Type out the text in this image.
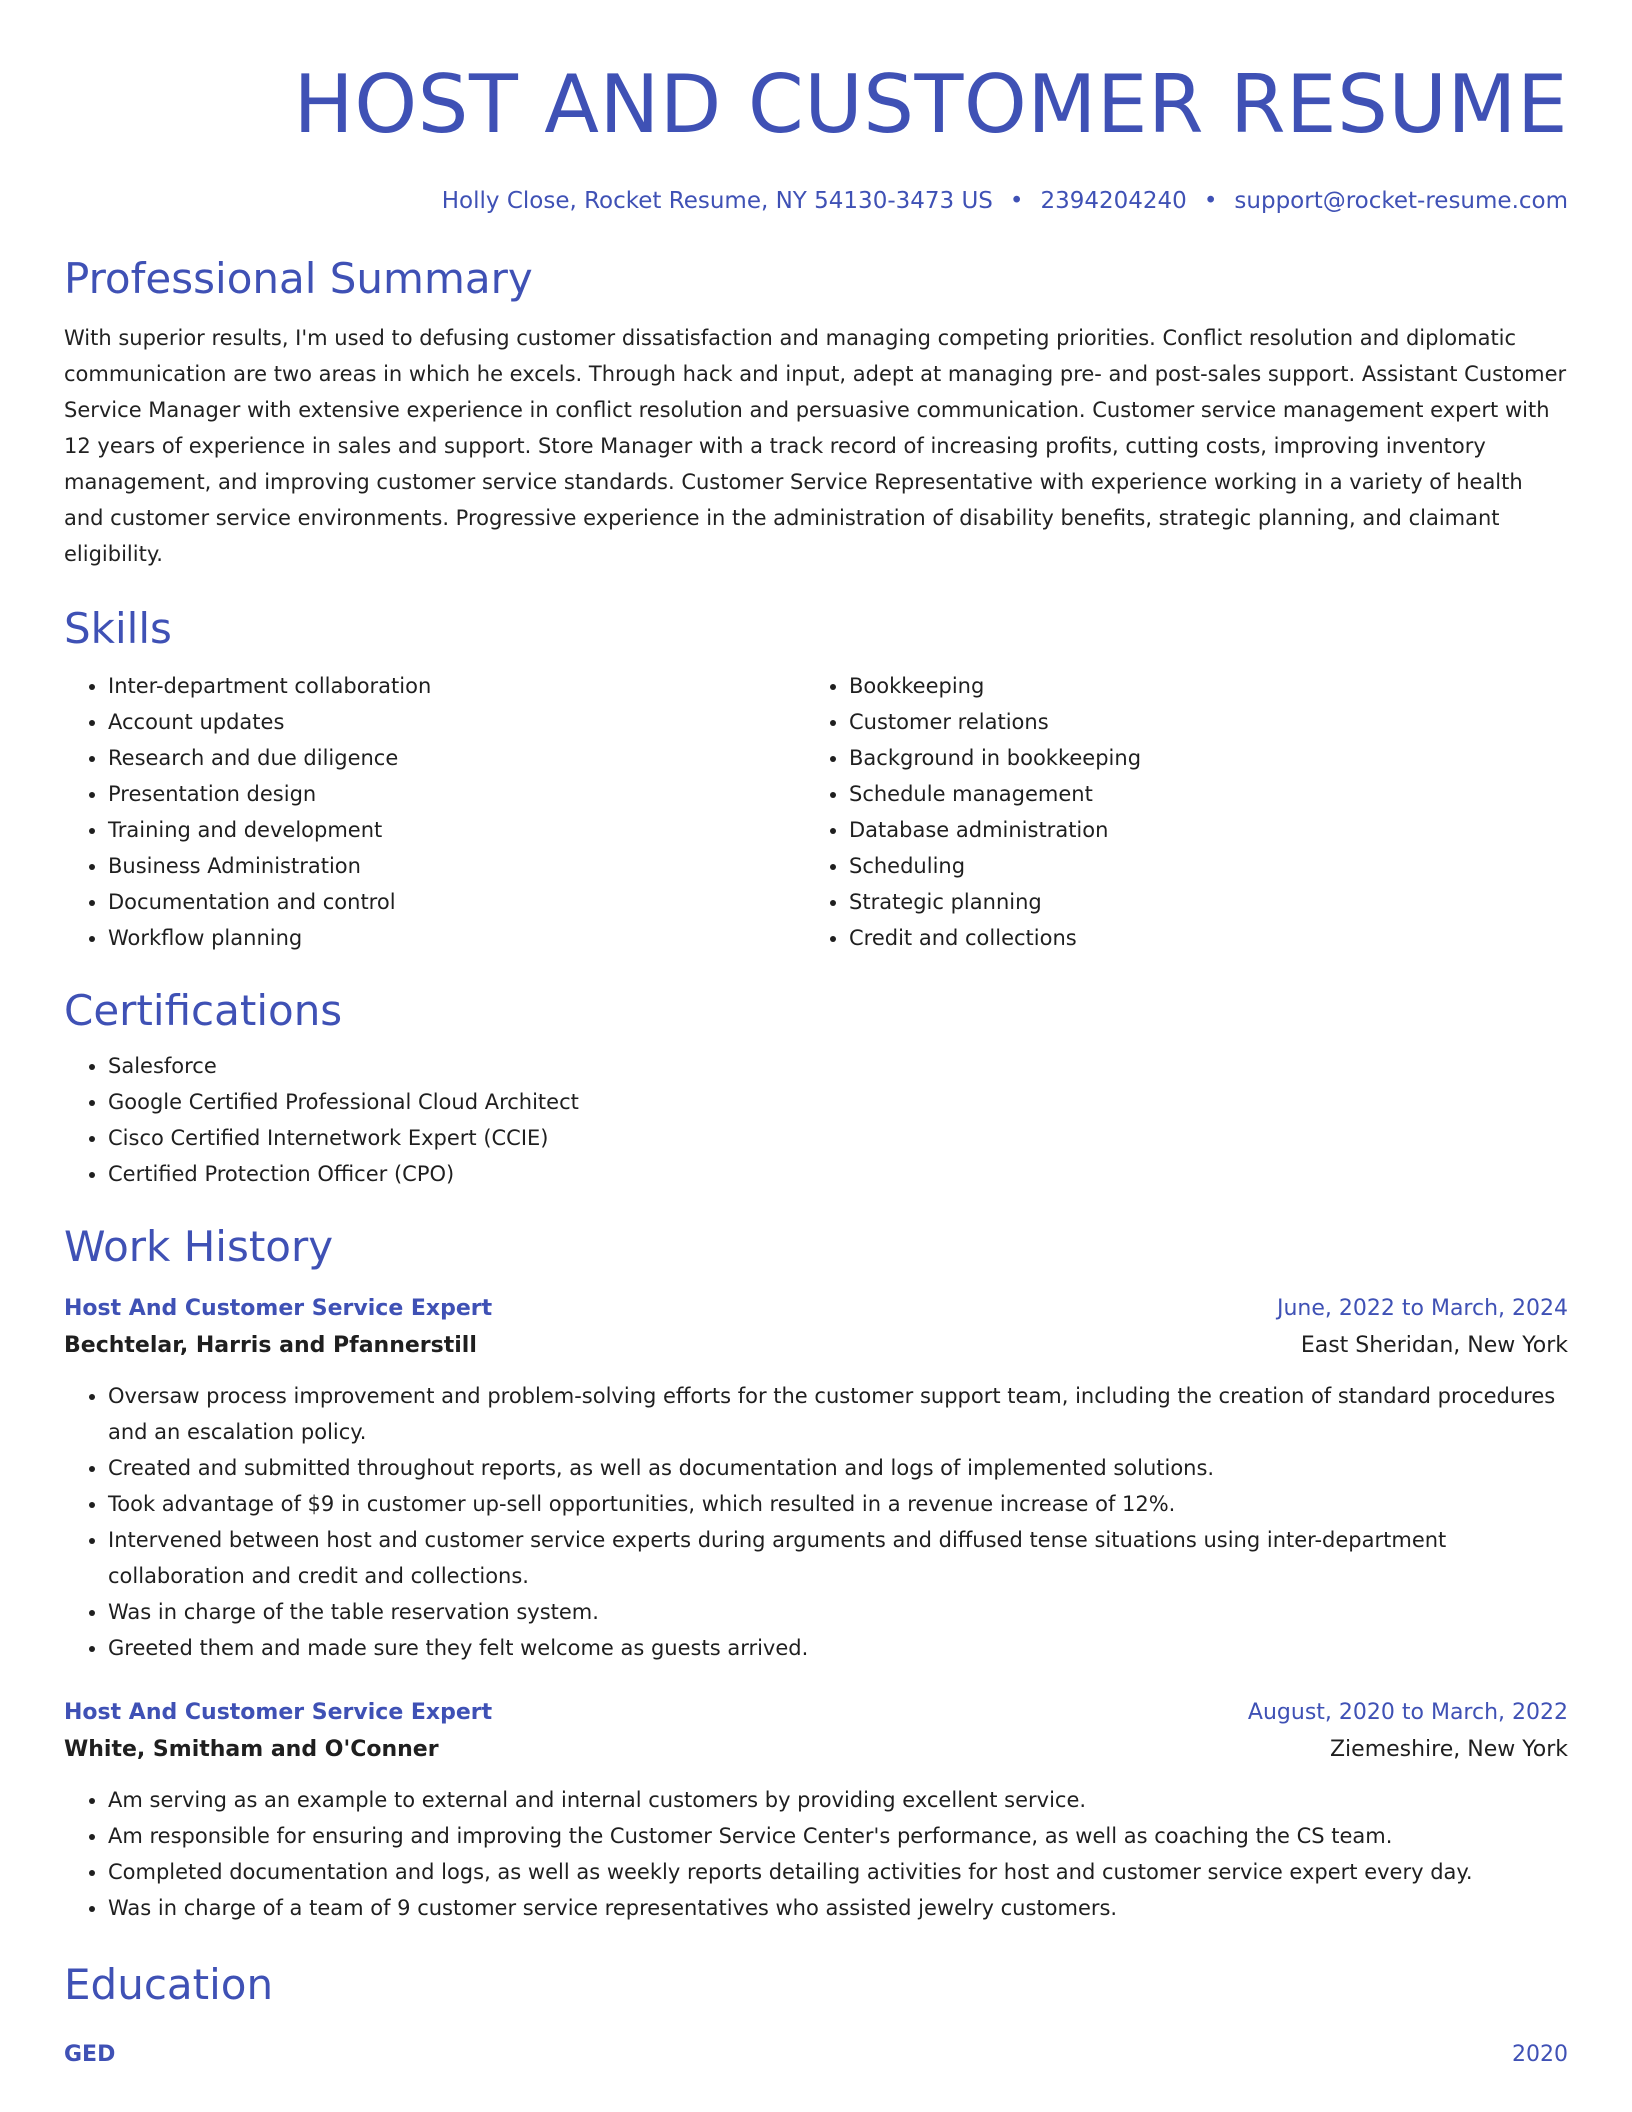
HOST AND CUSTOMER RESUME
Holly Close, Rocket Resume, NY 54130-3473 US • 2394204240 • support@rocket-resume.com
Professional Summary
With superior results, I'm used to defusing customer dissatisfaction and managing competing priorities. Conflict resolution and diplomatic communication are two areas in which he excels. Through hack and input, adept at managing pre- and post-sales support. Assistant Customer Service Manager with extensive experience in conflict resolution and persuasive communication. Customer service management expert with 12 years of experience in sales and support. Store Manager with a track record of increasing profits, cutting costs, improving inventory management, and improving customer service standards. Customer Service Representative with experience working in a variety of health and customer service environments. Progressive experience in the administration of disability benefits, strategic planning, and claimant eligibility.
Skills
• Inter-department collaboration
• Account updates
• Research and due diligence
• Presentation design
• Training and development
• Business Administration
• Documentation and control
• Workflow planning
• Bookkeeping
• Customer relations
• Background in bookkeeping
• Schedule management
• Database administration
• Scheduling
• Strategic planning
• Credit and collections
Certifications
• Salesforce
• Google Certified Professional Cloud Architect
• Cisco Certified Internetwork Expert (CCIE)
• Certified Protection Officer (CPO)
Work History
Host And Customer Service Expert	June, 2022 to March, 2024
Bechtelar, Harris and Pfannerstill	East Sheridan, New York
• Oversaw process improvement and problem-solving efforts for the customer support team, including the creation of standard procedures and an escalation policy.
• Created and submitted throughout reports, as well as documentation and logs of implemented solutions.
• Took advantage of $9 in customer up-sell opportunities, which resulted in a revenue increase of 12%.
• Intervened between host and customer service experts during arguments and diffused tense situations using inter-department collaboration and credit and collections.
• Was in charge of the table reservation system.
• Greeted them and made sure they felt welcome as guests arrived.
Host And Customer Service Expert	August, 2020 to March, 2022
White, Smitham and O'Conner	Ziemeshire, New York
• Am serving as an example to external and internal customers by providing excellent service.
• Am responsible for ensuring and improving the Customer Service Center's performance, as well as coaching the CS team.
• Completed documentation and logs, as well as weekly reports detailing activities for host and customer service expert every day.
• Was in charge of a team of 9 customer service representatives who assisted jewelry customers.
Education
GED	2020
